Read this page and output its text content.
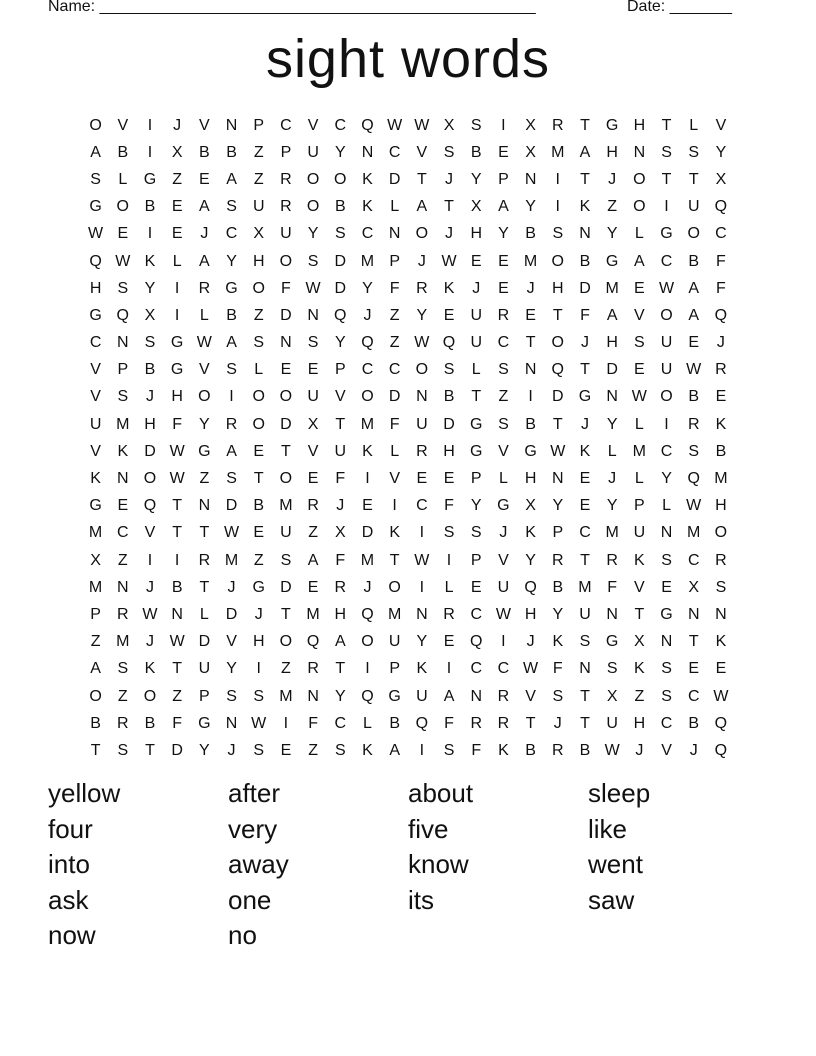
Name: _________________________________________________	Date: _______
sight words
O V	I	J	V	N	P	C	V	C Q W W X	S	I	X	R	T	G H	T	L	V
A	B	I	X	B	B	Z	P	U	Y	N C	V	S	B	E	X M A	H N	S	S	Y
S	L	G	Z	E	A	Z	R O O K	D	T	J	Y	P	N	I	T	J	O	T	T	X
G O B	E	A	S	U R O B	K	L	A	T	X	A	Y	I	K	Z	O	I	U Q
W E	I	E	J	C	X	U	Y	S	C N O	J	H	Y	B	S	N	Y	L	G O C
Q W K	L	A	Y	H O S	D M P	J W E	E M O B G A	C	B	F
H	S	Y	I	R G O	F W D	Y	F	R	K	J	E	J	H D M E W A	F
G Q X	I	L	B	Z	D N Q	J	Z	Y	E	U R	E	T	F	A	V O A Q
C N	S G W A	S	N	S	Y Q	Z W Q U C	T	O	J	H	S	U	E	J
V	P	B G V	S	L	E	E	P	C C O S	L	S	N Q	T	D	E	U W R
V	S	J	H O	I	O O U	V O D N	B	T	Z	I	D G N W O B	E
U M H	F	Y	R O D	X	T M F	U D G S	B	T	J	Y	L	I	R	K
V	K	D W G A	E	T	V	U	K	L	R H G V G W K	L	M C	S	B
K	N O W Z	S	T	O E	F	I	V	E	E	P	L	H N	E	J	L	Y Q M
G E Q	T	N D	B M R	J	E	I	C	F	Y G X	Y	E	Y	P	L W H
M C	V	T	T W E	U	Z	X	D	K	I	S	S	J	K	P	C M U N M O
X	Z	I	I	R M Z	S	A	F M T W	I	P	V	Y	R	T	R	K	S	C R
M N	J	B	T	J	G D	E	R	J	O	I	L	E	U Q B M F	V	E	X	S
P	R W N	L	D	J	T M H Q M N R C W H	Y	U N	T	G N N
Z M	J W D	V	H O Q A O U	Y	E Q	I	J	K	S G X	N	T	K
A	S	K	T	U	Y	I	Z	R	T	I	P	K	I	C C W F	N	S	K	S	E	E
O	Z	O	Z	P	S	S M N	Y Q G U	A	N R	V	S	T	X	Z	S	C W
B	R	B	F	G N W	I	F	C	L	B Q	F	R R	T	J	T	U H C	B Q
T	S	T	D	Y	J	S	E	Z	S	K	A	I	S	F	K	B	R	B W J	V	J	Q
yellow	after	about	sleep
four	very	five	like
into	away	know	went
ask	one	its	saw
now	no
